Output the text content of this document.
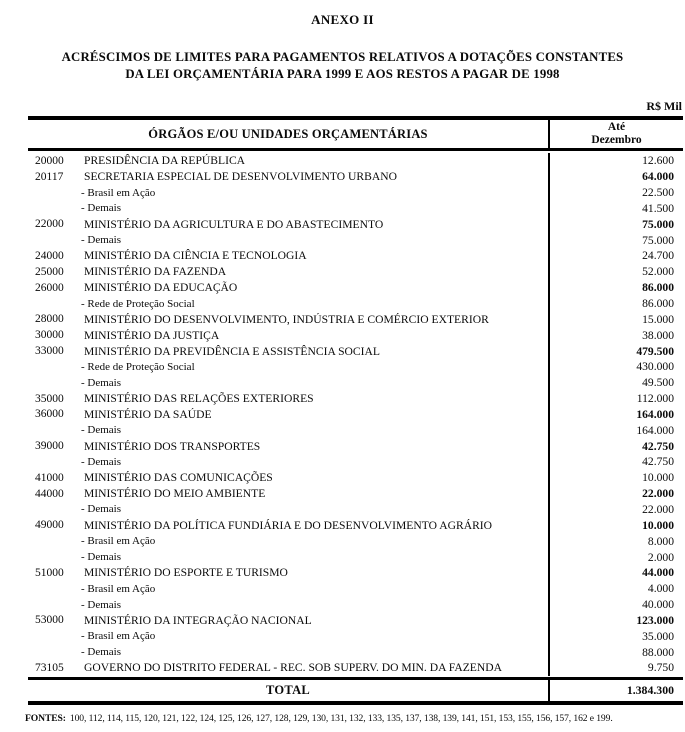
ANEXO II
ACRÉSCIMOS DE LIMITES PARA PAGAMENTOS RELATIVOS A DOTAÇÕES CONSTANTES
DA LEI ORÇAMENTÁRIA PARA 1999 E AOS RESTOS A PAGAR DE 1998
R$ Mil
ÓRGÃOS E/OU UNIDADES ORÇAMENTÁRIAS	Até
Dezembro
20000	PRESIDÊNCIA DA REPÚBLICA	12.600
20117	SECRETARIA ESPECIAL DE DESENVOLVIMENTO URBANO	64.000
- Brasil em Ação	22.500
- Demais	41.500
22000	MINISTÉRIO DA AGRICULTURA E DO ABASTECIMENTO	75.000
- Demais	75.000
24000	MINISTÉRIO DA CIÊNCIA E TECNOLOGIA	24.700
25000	MINISTÉRIO DA FAZENDA	52.000
26000	MINISTÉRIO DA EDUCAÇÃO	86.000
- Rede de Proteção Social	86.000
28000	MINISTÉRIO DO DESENVOLVIMENTO, INDÚSTRIA E COMÉRCIO EXTERIOR	15.000
30000	MINISTÉRIO DA JUSTIÇA	38.000
33000	MINISTÉRIO DA PREVIDÊNCIA E ASSISTÊNCIA SOCIAL	479.500
- Rede de Proteção Social	430.000
- Demais	49.500
35000	MINISTÉRIO DAS RELAÇÕES EXTERIORES	112.000
36000	MINISTÉRIO DA SAÚDE	164.000
- Demais	164.000
39000	MINISTÉRIO DOS TRANSPORTES	42.750
- Demais	42.750
41000	MINISTÉRIO DAS COMUNICAÇÕES	10.000
44000	MINISTÉRIO DO MEIO AMBIENTE	22.000
- Demais	22.000
49000	MINISTÉRIO DA POLÍTICA FUNDIÁRIA E DO DESENVOLVIMENTO AGRÁRIO	10.000
- Brasil em Ação	8.000
- Demais	2.000
51000	MINISTÉRIO DO ESPORTE E TURISMO	44.000
- Brasil em Ação	4.000
- Demais	40.000
53000	MINISTÉRIO DA INTEGRAÇÃO NACIONAL	123.000
- Brasil em Ação	35.000
- Demais	88.000
73105	GOVERNO DO DISTRITO FEDERAL - REC. SOB SUPERV. DO MIN. DA FAZENDA	9.750
TOTAL	1.384.300
FONTES: 100, 112, 114, 115, 120, 121, 122, 124, 125, 126, 127, 128, 129, 130, 131, 132, 133, 135, 137, 138, 139, 141, 151, 153, 155, 156, 157, 162 e 199.
